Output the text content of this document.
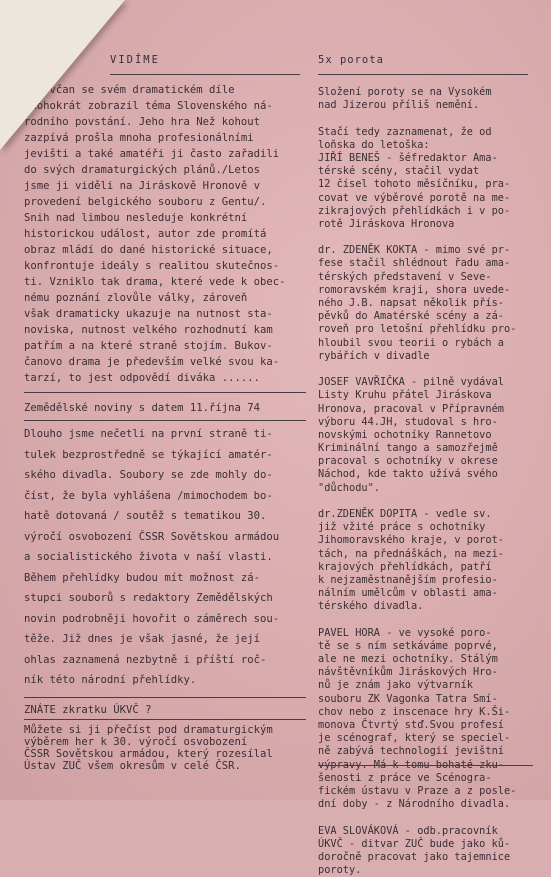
VIDÍME	5x porota
Bukovčan se svém dramatickém díle
mnohokrát zobrazil téma Slovenského ná-
rodního povstání. Jeho hra Než kohout
zazpívá prošla mnoha profesionálními
jevišti a také amatéři ji často zařadili
do svých dramaturgických plánů./Letos
jsme ji viděli na Jiráskově Hronově v
provedení belgického souboru z Gentu/.
Snih nad limbou nesleduje konkrétní
historickou událost, autor zde promítá
obraz mládí do dané historické situace,
konfrontuje ideály s realitou skutečnos-
ti. Vzniklo tak drama, které vede k obec-
nému poznání zlovůle války, zároveň
však dramaticky ukazuje na nutnost sta-
noviska, nutnost velkého rozhodnutí kam
patřím a na které straně stojím. Bukov-
čanovo drama je především velké svou ka-
tarzí, to jest odpovědí diváka ......
Zemědělské noviny s datem 11.října 74
Dlouho jsme nečetli na první straně ti-
tulek bezprostředně se týkající amatér-
ského divadla. Soubory se zde mohly do-
číst, že byla vyhlášena /mimochodem bo-
hatě dotovaná / soutěž s tematikou 30.
výročí osvobození ČSSR Sovětskou armádou
a socialistického života v naší vlasti.
Během přehlídky budou mít možnost zá-
stupci souborů s redaktory Zemědělských
novin podrobněji hovořit o záměrech sou-
těže. Již dnes je však jasné, že její
ohlas zaznamená nezbytně i příští roč-
ník této národní přehlídky.
ZNÁTE zkratku ÚKVČ ?
Můžete si ji přečíst pod dramaturgickým
výběrem her k 30. výročí osvobození
ČSSR Sovětskou armádou, který rozesílal
Ústav ZUČ všem okresům v celé ČSR.
Složení poroty se na Vysokém
nad Jizerou příliš nemění.
Stačí tedy zaznamenat, že od
loňska do letoška:
JIŘÍ BENEŠ - šéfredaktor Ama-
térské scény, stačil vydat
12 čísel tohoto měsíčníku, pra-
covat ve výběrové porotě na me-
zikrajových přehlídkách i v po-
rotě Jiráskova Hronova
dr. ZDENĚK KOKTA - mimo své pr-
fese stačil shlédnout řadu ama-
térských představení v Seve-
romoravském kraji, shora uvede-
ného J.B. napsat několik přís-
pěvků do Amatérské scény a zá-
roveň pro letošní přehlídku pro-
hloubil svou teorii o rybách a
rybářích v divadle
JOSEF VAVŘIČKA - pilně vydával
Listy Kruhu přátel Jiráskova
Hronova, pracoval v Přípravném
výboru 44.JH, studoval s hro-
novskými ochotníky Rannetovo
Kriminální tango a samozřejmě
pracoval s ochotníky v okrese
Náchod, kde takto užívá svého
"důchodu".
dr.ZDENĚK DOPITA - vedle sv.
již vžité práce s ochotníky
Jihomoravského kraje, v porot-
tách, na přednáškách, na mezi-
krajových přehlídkách, patří
k nejzaměstnanějším profesio-
nálním umělcům v oblasti ama-
térského divadla.
PAVEL HORA - ve vysoké poro-
tě se s ním setkáváme poprvé,
ale ne mezi ochotníky. Stálým
návštěvníkům Jiráskových Hro-
nů je znám jako výtvarník
souboru ZK Vagonka Tatra Smí-
chov nebo z inscenace hry K.Ši-
monova Čtvrtý stď.Svou profesí
je scénograf, který se speciel-
ně zabývá technologií jevištní
výpravy. Má k tomu bohaté zku-
šenosti z práce ve Scénogra-
fickém ústavu v Praze a z posle-
dní doby - z Národního divadla.
EVA SLOVÁKOVÁ - odb.pracovník
ÚKVČ - ditvar ZUČ bude jako ků-
doročně pracovat jako tajemnice
poroty.
